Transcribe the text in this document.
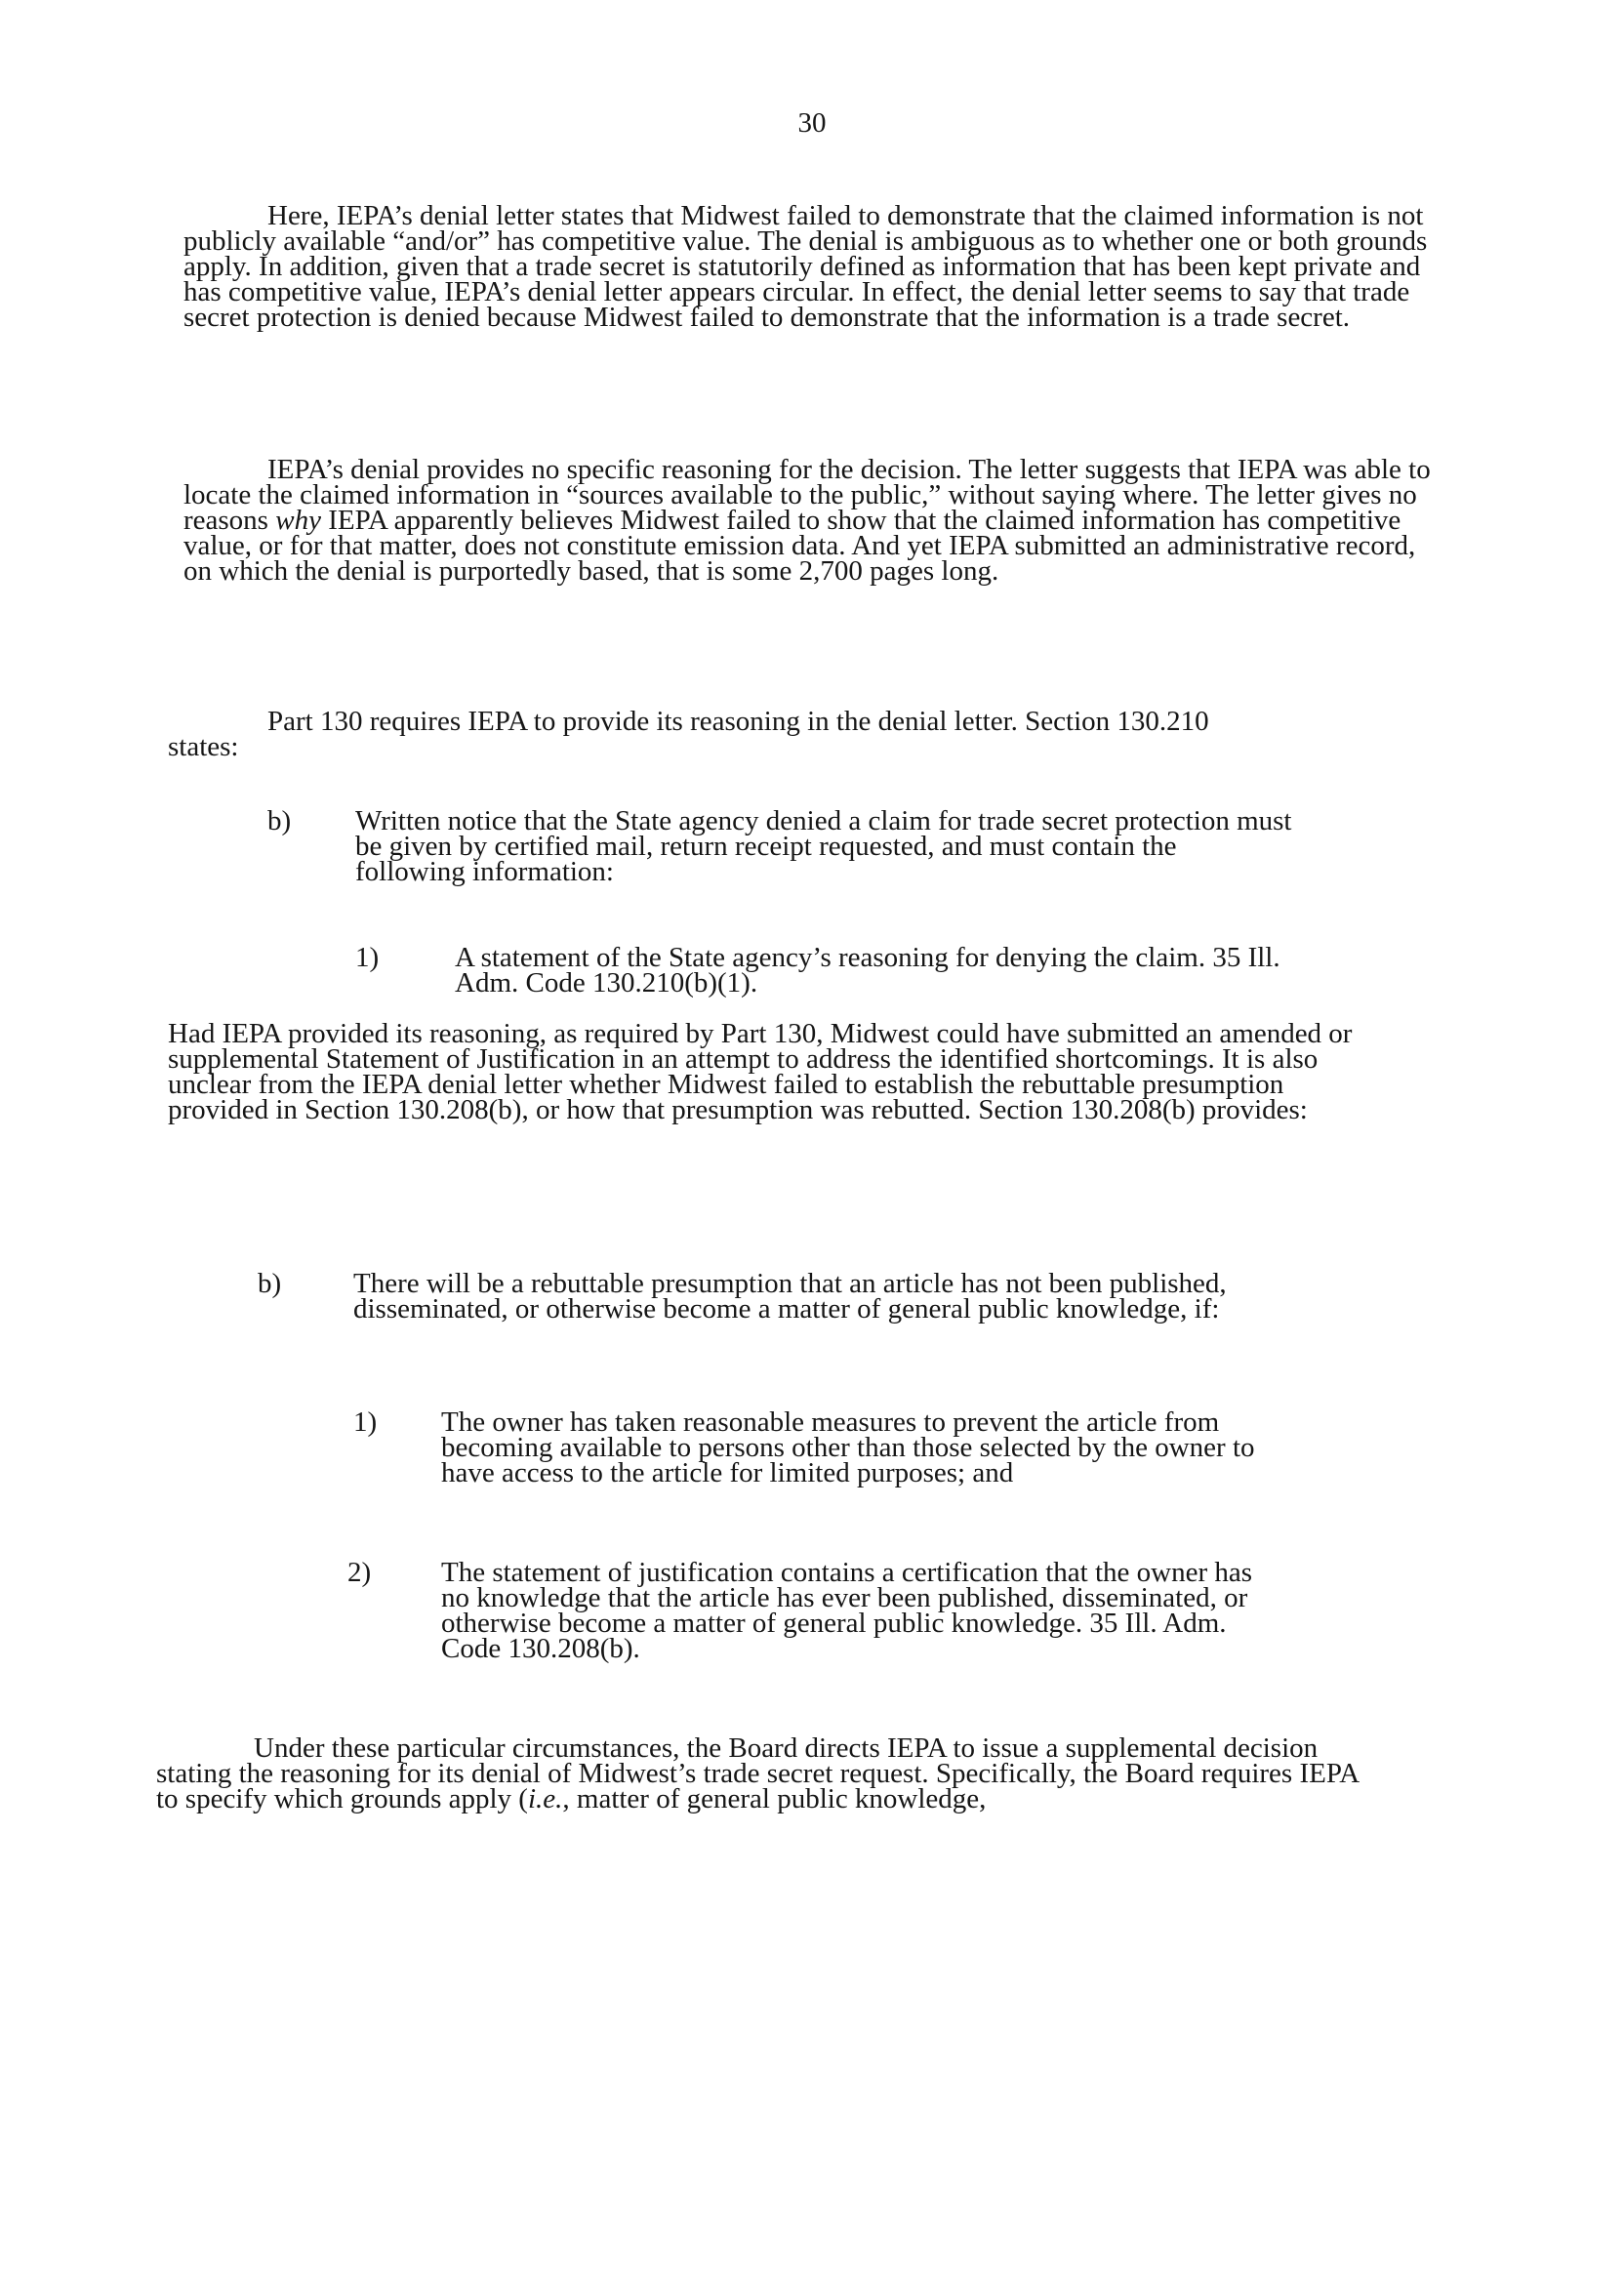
30

Here, IEPA’s denial letter states that Midwest failed to demonstrate that the claimed information is not publicly available “and/or” has competitive value. The denial is ambiguous as to whether one or both grounds apply. In addition, given that a trade secret is statutorily defined as information that has been kept private and has competitive value, IEPA’s denial letter appears circular. In effect, the denial letter seems to say that trade secret protection is denied because Midwest failed to demonstrate that the information is a trade secret.

IEPA’s denial provides no specific reasoning for the decision. The letter suggests that IEPA was able to locate the claimed information in “sources available to the public,” without saying where. The letter gives no reasons why IEPA apparently believes Midwest failed to show that the claimed information has competitive value, or for that matter, does not constitute emission data. And yet IEPA submitted an administrative record, on which the denial is purportedly based, that is some 2,700 pages long.

Part 130 requires IEPA to provide its reasoning in the denial letter. Section 130.210

states:

b) Written notice that the State agency denied a claim for trade secret protection must be given by certified mail, return receipt requested, and must contain the following information:

1)	A statement of the State agency’s reasoning for denying the claim. 35 Ill. Adm. Code 130.210(b)(1).

Had IEPA provided its reasoning, as required by Part 130, Midwest could have submitted an amended or supplemental Statement of Justification in an attempt to address the identified shortcomings. It is also unclear from the IEPA denial letter whether Midwest failed to establish the rebuttable presumption provided in Section 130.208(b), or how that presumption was rebutted. Section 130.208(b) provides:

b)	There will be a rebuttable presumption that an article has not been published, disseminated, or otherwise become a matter of general public knowledge, if:

1) The owner has taken reasonable measures to prevent the article from becoming available to persons other than those selected by the owner to have access to the article for limited purposes; and

2) The statement of justification contains a certification that the owner has no knowledge that the article has ever been published, disseminated, or otherwise become a matter of general public knowledge. 35 Ill. Adm. Code 130.208(b).

Under these particular circumstances, the Board directs IEPA to issue a supplemental decision stating the reasoning for its denial of Midwest’s trade secret request. Specifically, the Board requires IEPA to specify which grounds apply (i.e., matter of general public knowledge,
